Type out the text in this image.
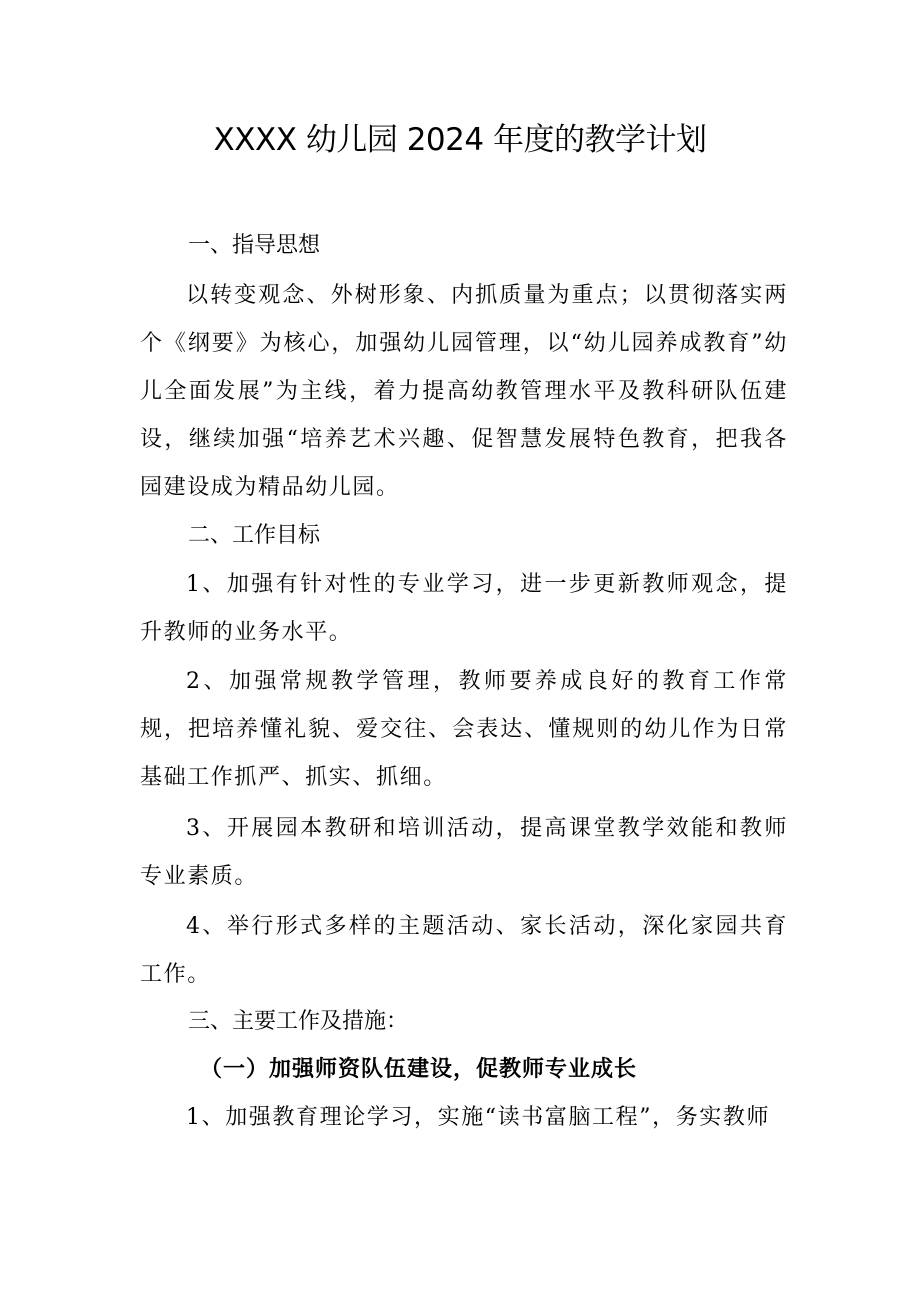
XXXX 幼儿园 2024 年度的教学计划
一、指导思想

以转变观念、外树形象、内抓质量为重点；以贯彻落实两个《纲要》为核心，加强幼儿园管理，以“幼儿园养成教育”幼儿全面发展”为主线，着力提高幼教管理水平及教科研队伍建设，继续加强“培养艺术兴趣、促智慧发展特色教育，把我各园建设成为精品幼儿园。

二、工作目标

1、加强有针对性的专业学习，进一步更新教师观念，提升教师的业务水平。

2、加强常规教学管理，教师要养成良好的教育工作常规，把培养懂礼貌、爱交往、会表达、懂规则的幼儿作为日常基础工作抓严、抓实、抓细。

3、开展园本教研和培训活动，提高课堂教学效能和教师专业素质。

4、举行形式多样的主题活动、家长活动，深化家园共育工作。

三、主要工作及措施：
（一）加强师资队伍建设，促教师专业成长

1、加强教育理论学习，实施“读书富脑工程”，务实教师
